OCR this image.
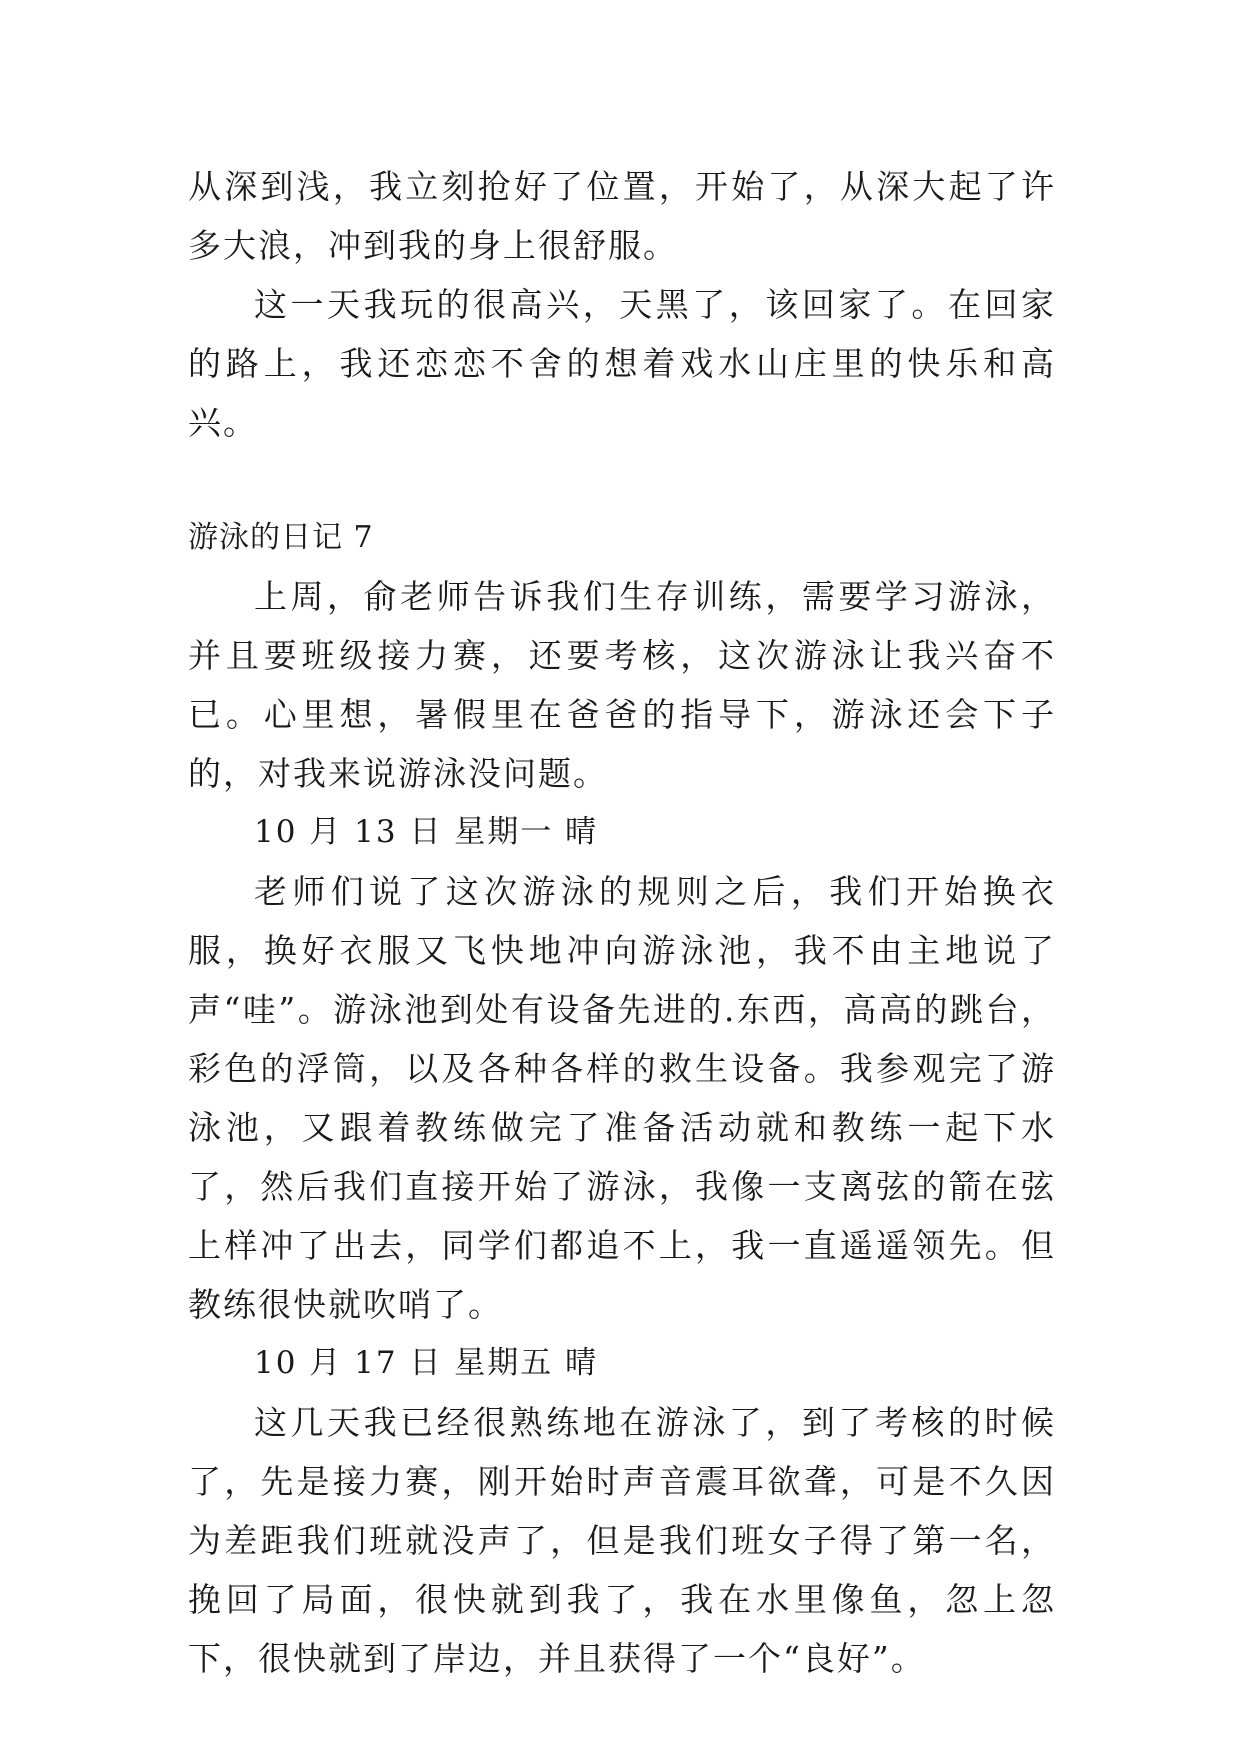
从深到浅，我立刻抢好了位置，开始了，从深大起了许多大浪，冲到我的身上很舒服。

这一天我玩的很高兴，天黑了，该回家了。在回家的路上，我还恋恋不舍的想着戏水山庄里的快乐和高兴。

游泳的日记 7

上周，俞老师告诉我们生存训练，需要学习游泳，并且要班级接力赛，还要考核，这次游泳让我兴奋不已。心里想，暑假里在爸爸的指导下，游泳还会下子的，对我来说游泳没问题。

10 月 13 日 星期一 晴

老师们说了这次游泳的规则之后，我们开始换衣服，换好衣服又飞快地冲向游泳池，我不由主地说了声“哇”。游泳池到处有设备先进的.东西，高高的跳台，彩色的浮筒，以及各种各样的救生设备。我参观完了游泳池，又跟着教练做完了准备活动就和教练一起下水了，然后我们直接开始了游泳，我像一支离弦的箭在弦上样冲了出去，同学们都追不上，我一直遥遥领先。但教练很快就吹哨了。

10 月 17 日 星期五 晴

这几天我已经很熟练地在游泳了，到了考核的时候了，先是接力赛，刚开始时声音震耳欲聋，可是不久因为差距我们班就没声了，但是我们班女子得了第一名，挽回了局面，很快就到我了，我在水里像鱼，忽上忽下，很快就到了岸边，并且获得了一个“良好”。
